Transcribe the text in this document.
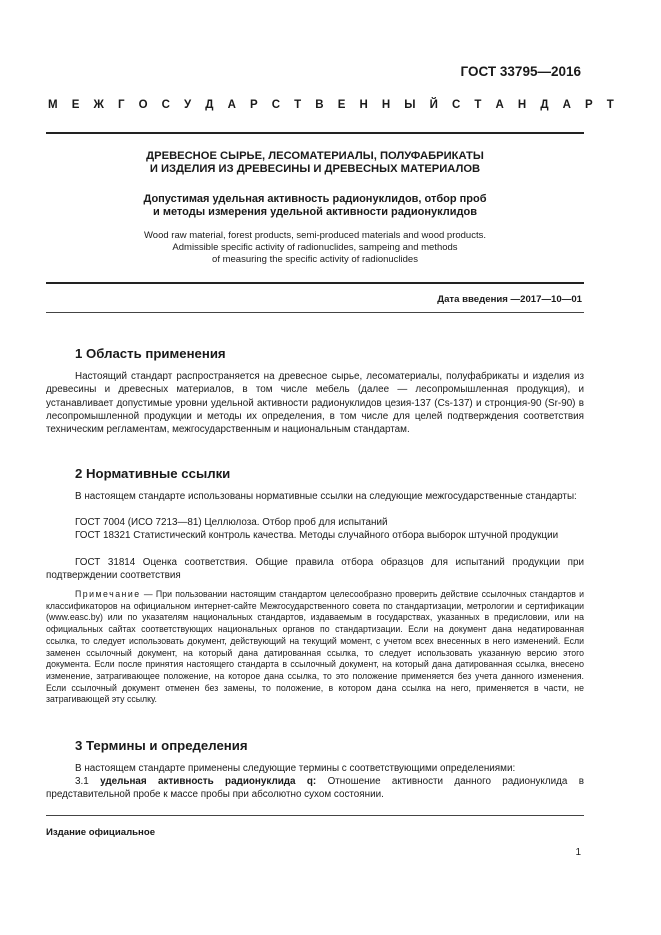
ГОСТ 33795—2016
М Е Ж Г О С У Д А Р С Т В Е Н Н Ы Й С Т А Н Д А Р Т
ДРЕВЕСНОЕ СЫРЬЕ, ЛЕСОМАТЕРИАЛЫ, ПОЛУФАБРИКАТЫ
И ИЗДЕЛИЯ ИЗ ДРЕВЕСИНЫ И ДРЕВЕСНЫХ МАТЕРИАЛОВ
Допустимая удельная активность радионуклидов, отбор проб
и методы измерения удельной активности радионуклидов
Wood raw material, forest products, semi-produced materials and wood products.
Admissible specific activity of radionuclides, sampeing and methods
of measuring the specific activity of radionuclides
Дата введения —2017—10—01
1 Область применения
Настоящий стандарт распространяется на древесное сырье, лесоматериалы, полуфабрикаты и изделия из древесины и древесных материалов, в том числе мебель (далее — лесопромышленная продукция), и устанавливает допустимые уровни удельной активности радионуклидов цезия-137 (Cs-137) и стронция-90 (Sr-90) в лесопромышленной продукции и методы их определения, в том числе для целей подтверждения соответствия техническим регламентам, межгосударственным и национальным стандартам.
2 Нормативные ссылки
В настоящем стандарте использованы нормативные ссылки на следующие межгосударственные стандарты:
ГОСТ 7004 (ИСО 7213—81) Целлюлоза. Отбор проб для испытаний
ГОСТ 18321 Статистический контроль качества. Методы случайного отбора выборок штучной продукции
ГОСТ 31814 Оценка соответствия. Общие правила отбора образцов для испытаний продукции при подтверждении соответствия
Примечание — При пользовании настоящим стандартом целесообразно проверить действие ссылочных стандартов и классификаторов на официальном интернет-сайте Межгосударственного совета по стандартизации, метрологии и сертификации (www.easc.by) или по указателям национальных стандартов, издаваемым в государствах, указанных в предисловии, или на официальных сайтах соответствующих национальных органов по стандартизации. Если на документ дана недатированная ссылка, то следует использовать документ, действующий на текущий момент, с учетом всех внесенных в него изменений. Если заменен ссылочный документ, на который дана датированная ссылка, то следует использовать указанную версию этого документа. Если после принятия настоящего стандарта в ссылочный документ, на который дана датированная ссылка, внесено изменение, затрагивающее положение, на которое дана ссылка, то это положение применяется без учета данного изменения. Если ссылочный документ отменен без замены, то положение, в котором дана ссылка на него, применяется в части, не затрагивающей эту ссылку.
3 Термины и определения
В настоящем стандарте применены следующие термины с соответствующими определениями:
3.1 удельная активность радионуклида q: Отношение активности данного радионуклида в представительной пробе к массе пробы при абсолютно сухом состоянии.
Издание официальное
1
